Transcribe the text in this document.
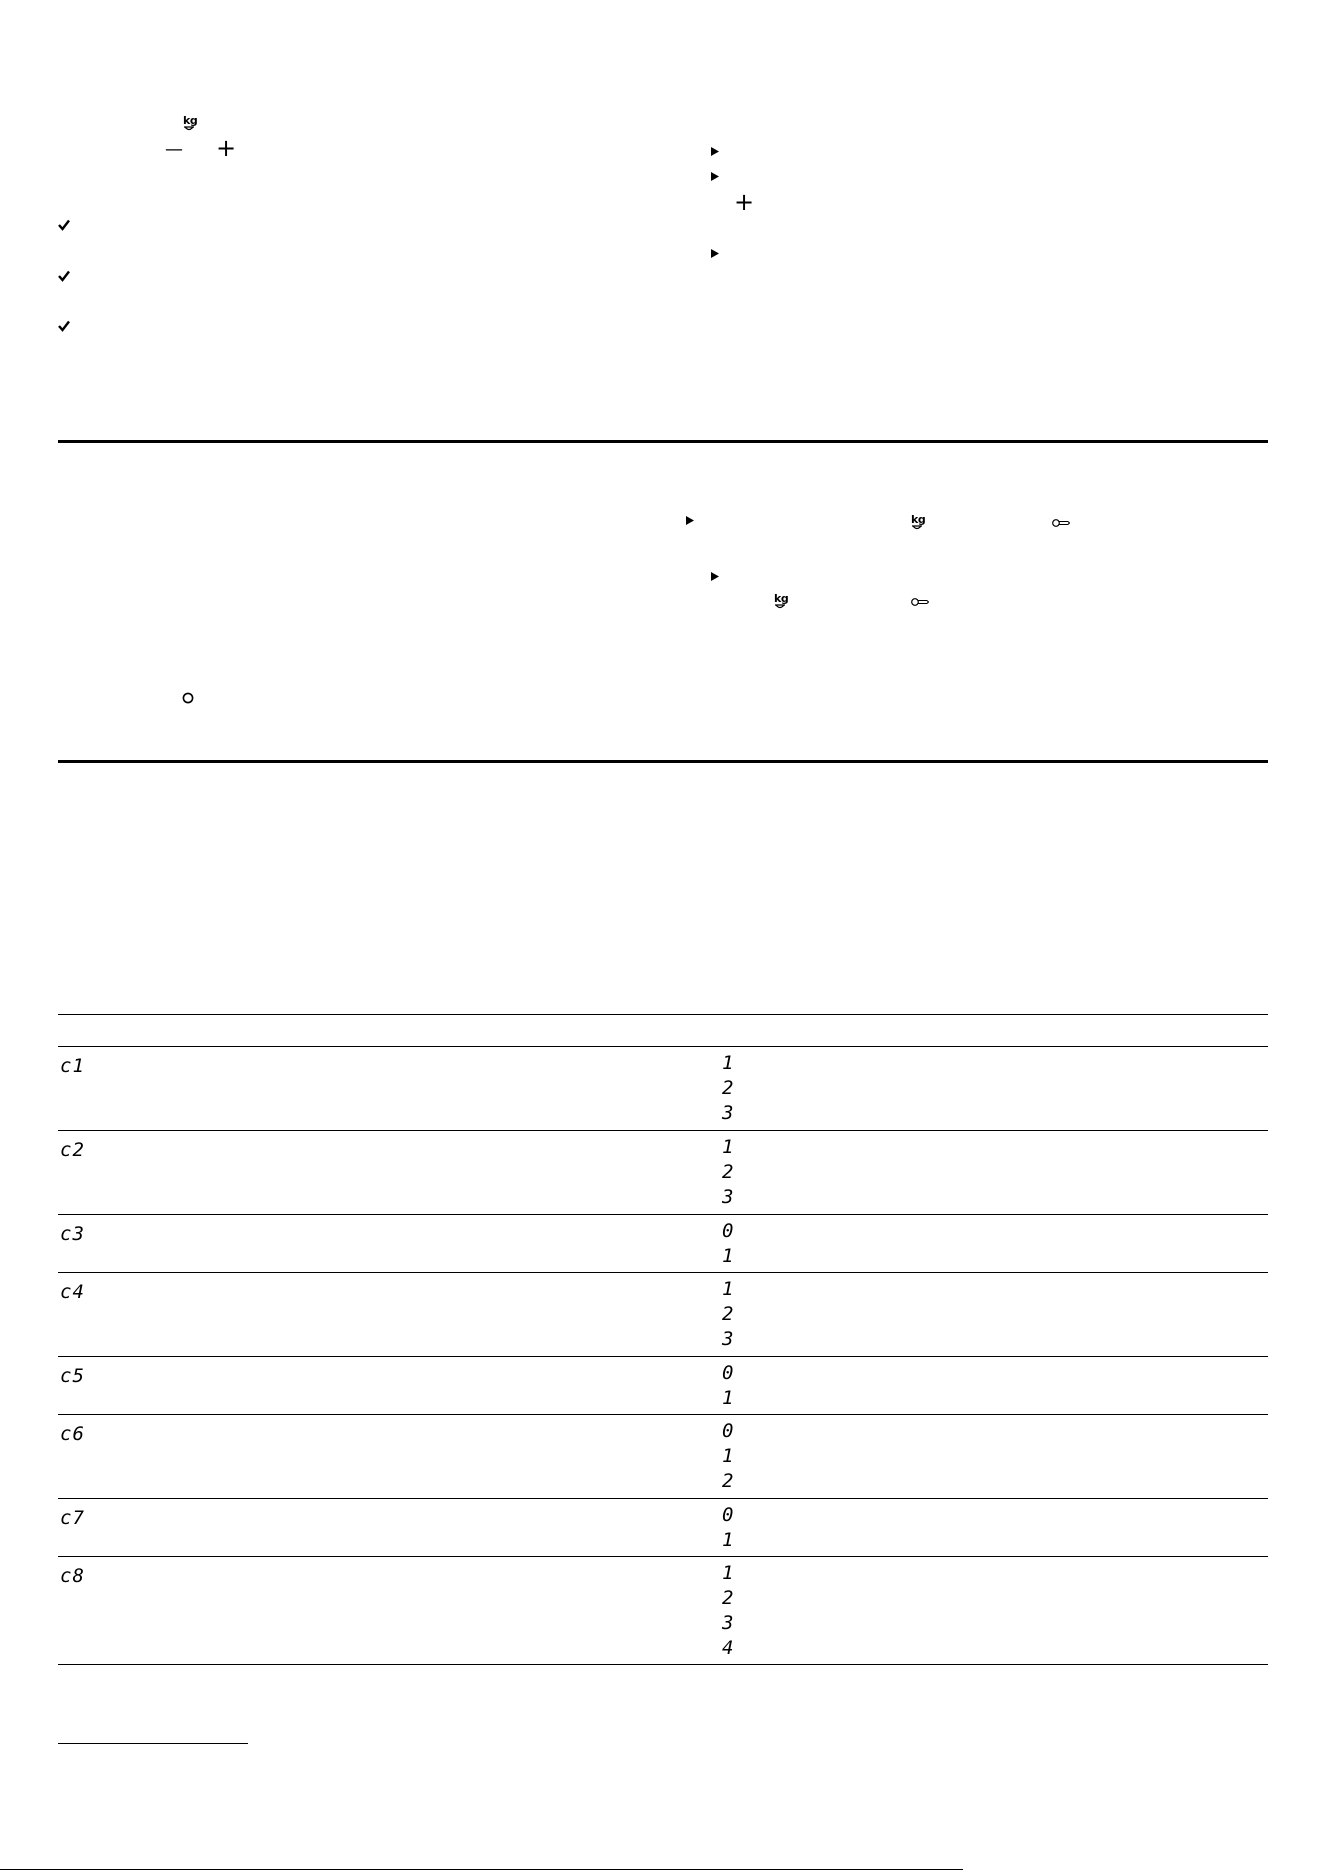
kg
— +
+
kg
kg
c1	1
2
3
c2	1
2
3
c3	0
1
c4	1
2
3
c5	0
1
c6	0
1
2
c7	0
1
c8	1
2
3
4
